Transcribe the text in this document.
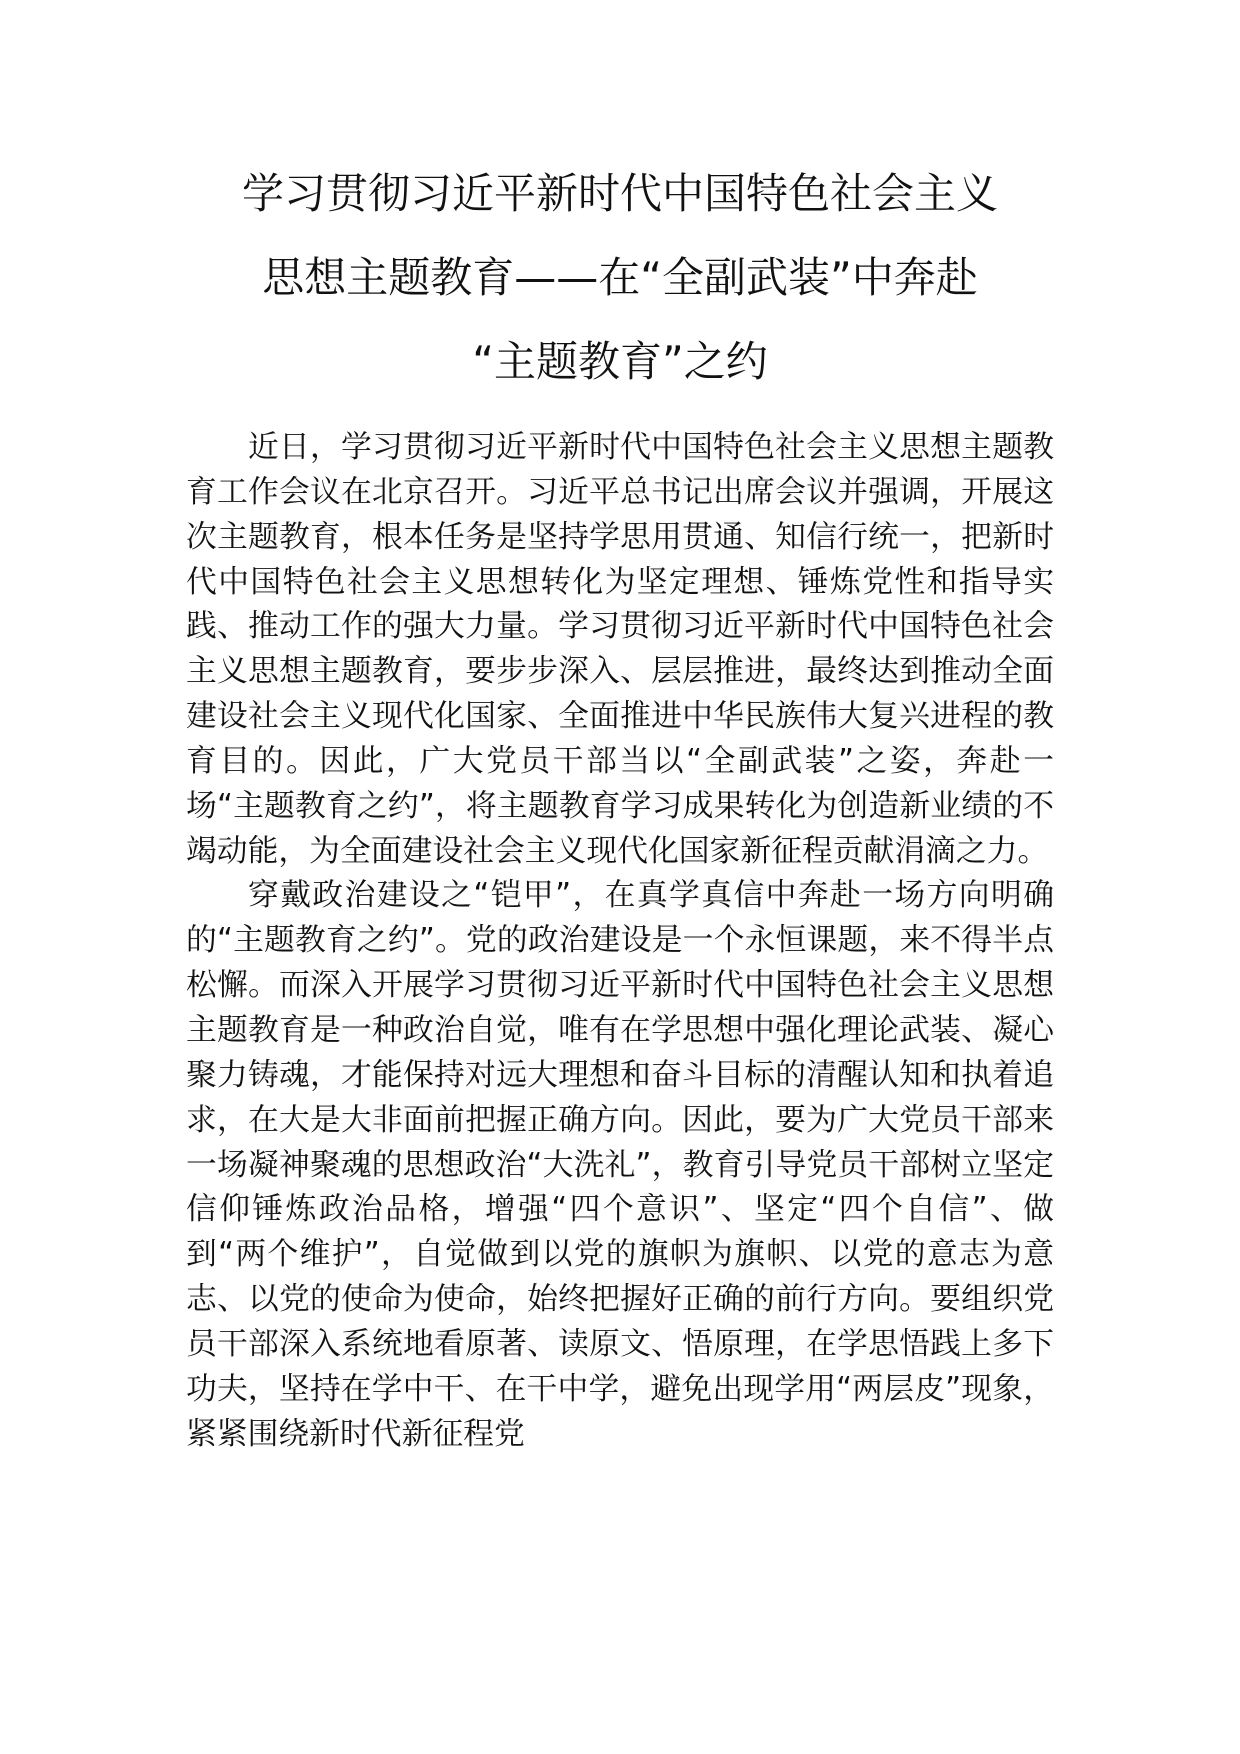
学习贯彻习近平新时代中国特色社会主义
思想主题教育——在“全副武装”中奔赴
“主题教育”之约

近日，学习贯彻习近平新时代中国特色社会主义思想主题教育工作会议在北京召开。习近平总书记出席会议并强调，开展这次主题教育，根本任务是坚持学思用贯通、知信行统一，把新时代中国特色社会主义思想转化为坚定理想、锤炼党性和指导实践、推动工作的强大力量。学习贯彻习近平新时代中国特色社会主义思想主题教育，要步步深入、层层推进，最终达到推动全面建设社会主义现代化国家、全面推进中华民族伟大复兴进程的教育目的。因此，广大党员干部当以“全副武装”之姿，奔赴一场“主题教育之约”，将主题教育学习成果转化为创造新业绩的不竭动能，为全面建设社会主义现代化国家新征程贡献涓滴之力。

穿戴政治建设之“铠甲”，在真学真信中奔赴一场方向明确的“主题教育之约”。党的政治建设是一个永恒课题，来不得半点松懈。而深入开展学习贯彻习近平新时代中国特色社会主义思想主题教育是一种政治自觉，唯有在学思想中强化理论武装、凝心聚力铸魂，才能保持对远大理想和奋斗目标的清醒认知和执着追求，在大是大非面前把握正确方向。因此，要为广大党员干部来一场凝神聚魂的思想政治“大洗礼”，教育引导党员干部树立坚定信仰锤炼政治品格，增强“四个意识”、坚定“四个自信”、做到“两个维护”，自觉做到以党的旗帜为旗帜、以党的意志为意志、以党的使命为使命，始终把握好正确的前行方向。要组织党员干部深入系统地看原著、读原文、悟原理，在学思悟践上多下功夫，坚持在学中干、在干中学，避免出现学用“两层皮”现象，紧紧围绕新时代新征程党
